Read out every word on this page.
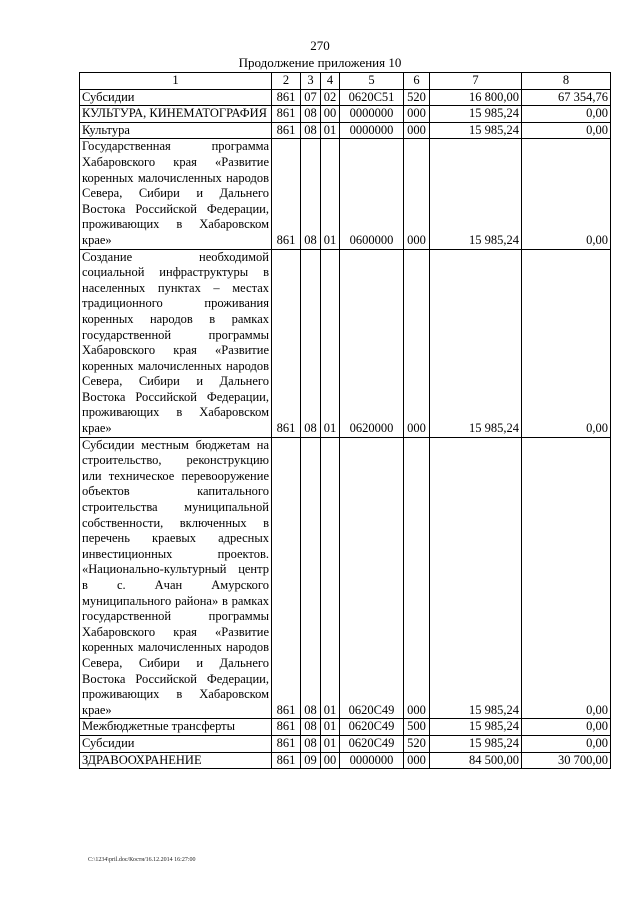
270
Продолжение приложения 10
1	2	3	4	5	6	7	8
Субсидии	861	07	02	0620С51	520	16 800,00	67 354,76
КУЛЬТУРА, КИНЕМАТОГРАФИЯ	861	08	00	0000000	000	15 985,24	0,00
Культура	861	08	01	0000000	000	15 985,24	0,00
Государственная программа Хабаровского края «Развитие коренных малочисленных народов Севера, Сибири и Дальнего Востока Российской Федерации, проживающих в Хабаровском крае»	861	08	01	0600000	000	15 985,24	0,00
Создание необходимой социальной инфраструктуры в населенных пунктах – местах традиционного проживания коренных народов в рамках государственной программы Хабаровского края «Развитие коренных малочисленных народов Севера, Сибири и Дальнего Востока Российской Федерации, проживающих в Хабаровском крае»	861	08	01	0620000	000	15 985,24	0,00
Субсидии местным бюджетам на строительство, реконструкцию или техническое перевооружение объектов капитального строительства муниципальной собственности, включенных в перечень краевых адресных инвестиционных проектов. «Национально-культурный центр в с. Ачан Амурского муниципального района» в рамках государственной программы Хабаровского края «Развитие коренных малочисленных народов Севера, Сибири и Дальнего Востока Российской Федерации, проживающих в Хабаровском крае»	861	08	01	0620С49	000	15 985,24	0,00
Межбюджетные трансферты	861	08	01	0620С49	500	15 985,24	0,00
Субсидии	861	08	01	0620С49	520	15 985,24	0,00
ЗДРАВООХРАНЕНИЕ	861	09	00	0000000	000	84 500,00	30 700,00
C:\1234\pril.doc/Костя/16.12.2014 16:27:00
